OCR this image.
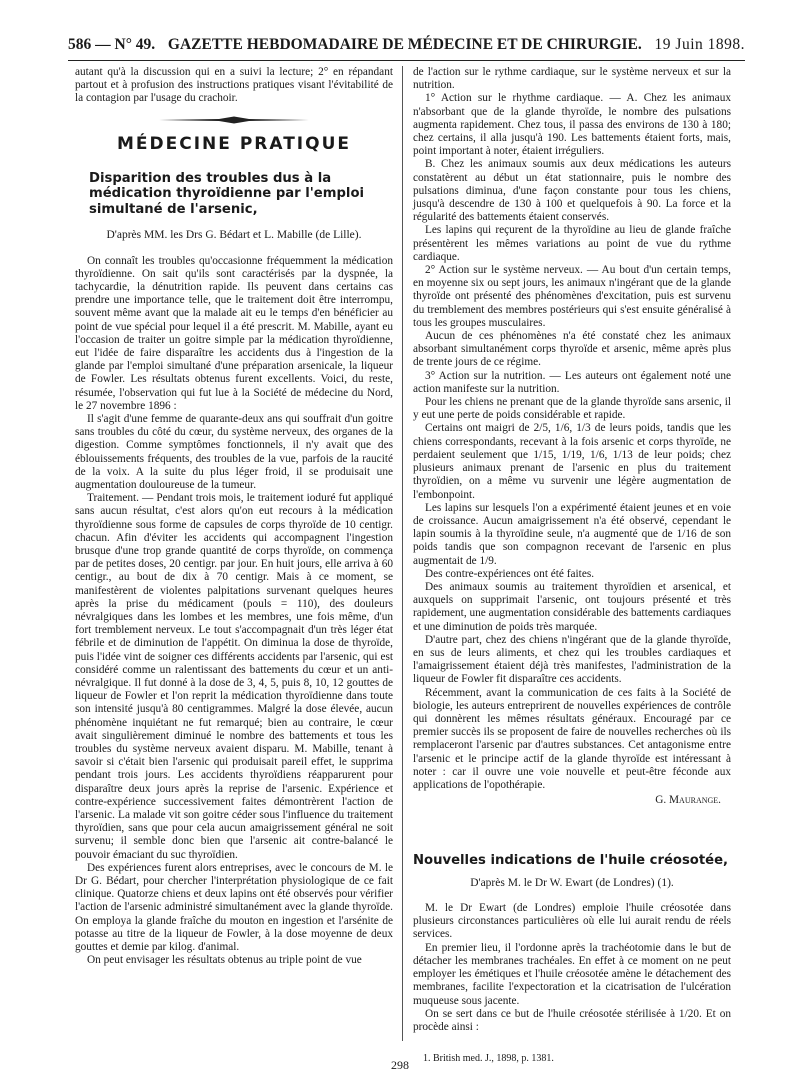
586 — N° 49. GAZETTE HEBDOMADAIRE DE MÉDECINE ET DE CHIRURGIE. 19 Juin 1898.

autant qu'à la discussion qui en a suivi la lecture; 2° en répandant partout et à profusion des instructions pratiques visant l'évitabilité de la contagion par l'usage du crachoir.

MÉDECINE PRATIQUE
Disparition des troubles dus à la médication thyroïdienne par l'emploi simultané de l'arsenic,
D'après MM. les Drs G. Bédart et L. Mabille (de Lille).

On connaît les troubles qu'occasionne fréquemment la médication thyroïdienne. On sait qu'ils sont caractérisés par la dyspnée, la tachycardie, la dénutrition rapide. Ils peuvent dans certains cas prendre une importance telle, que le traitement doit être interrompu, souvent même avant que la malade ait eu le temps d'en bénéficier au point de vue spécial pour lequel il a été prescrit. M. Mabille, ayant eu l'occasion de traiter un goitre simple par la médication thyroïdienne, eut l'idée de faire disparaître les accidents dus à l'ingestion de la glande par l'emploi simultané d'une préparation arsenicale, la liqueur de Fowler. Les résultats obtenus furent excellents. Voici, du reste, résumée, l'observation qui fut lue à la Société de médecine du Nord, le 27 novembre 1896 :

Il s'agit d'une femme de quarante-deux ans qui souffrait d'un goitre sans troubles du côté du cœur, du système nerveux, des organes de la digestion. Comme symptômes fonctionnels, il n'y avait que des éblouissements fréquents, des troubles de la vue, parfois de la raucité de la voix. A la suite du plus léger froid, il se produisait une augmentation douloureuse de la tumeur.

Traitement. — Pendant trois mois, le traitement ioduré fut appliqué sans aucun résultat, c'est alors qu'on eut recours à la médication thyroïdienne sous forme de capsules de corps thyroïde de 10 centigr. chacun. Afin d'éviter les accidents qui accompagnent l'ingestion brusque d'une trop grande quantité de corps thyroïde, on commença par de petites doses, 20 centigr. par jour. En huit jours, elle arriva à 60 centigr., au bout de dix à 70 centigr. Mais à ce moment, se manifestèrent de violentes palpitations survenant quelques heures après la prise du médicament (pouls = 110), des douleurs névralgiques dans les lombes et les membres, une fois même, d'un fort tremblement nerveux. Le tout s'accompagnait d'un très léger état fébrile et de diminution de l'appétit. On diminua la dose de thyroïde, puis l'idée vint de soigner ces différents accidents par l'arsenic, qui est considéré comme un ralentissant des battements du cœur et un anti-névralgique. Il fut donné à la dose de 3, 4, 5, puis 8, 10, 12 gouttes de liqueur de Fowler et l'on reprit la médication thyroïdienne dans toute son intensité jusqu'à 80 centigrammes. Malgré la dose élevée, aucun phénomène inquiétant ne fut remarqué; bien au contraire, le cœur avait singulièrement diminué le nombre des battements et tous les troubles du système nerveux avaient disparu. M. Mabille, tenant à savoir si c'était bien l'arsenic qui produisait pareil effet, le supprima pendant trois jours. Les accidents thyroïdiens réapparurent pour disparaître deux jours après la reprise de l'arsenic. Expérience et contre-expérience successivement faites démontrèrent l'action de l'arsenic. La malade vit son goitre céder sous l'influence du traitement thyroïdien, sans que pour cela aucun amaigrissement général ne soit survenu; il semble donc bien que l'arsenic ait contre-balancé le pouvoir émaciant du suc thyroïdien.

Des expériences furent alors entreprises, avec le concours de M. le Dr G. Bédart, pour chercher l'interprétation physiologique de ce fait clinique. Quatorze chiens et deux lapins ont été observés pour vérifier l'action de l'arsenic administré simultanément avec la glande thyroïde. On employa la glande fraîche du mouton en ingestion et l'arsénite de potasse au titre de la liqueur de Fowler, à la dose moyenne de deux gouttes et demie par kilog. d'animal.

On peut envisager les résultats obtenus au triple point de vue

de l'action sur le rythme cardiaque, sur le système nerveux et sur la nutrition.

1° Action sur le rhythme cardiaque. — A. Chez les animaux n'absorbant que de la glande thyroïde, le nombre des pulsations augmenta rapidement. Chez tous, il passa des environs de 130 à 180; chez certains, il alla jusqu'à 190. Les battements étaient forts, mais, point important à noter, étaient irréguliers.

B. Chez les animaux soumis aux deux médications les auteurs constatèrent au début un état stationnaire, puis le nombre des pulsations diminua, d'une façon constante pour tous les chiens, jusqu'à descendre de 130 à 100 et quelquefois à 90. La force et la régularité des battements étaient conservés.

Les lapins qui reçurent de la thyroïdine au lieu de glande fraîche présentèrent les mêmes variations au point de vue du rythme cardiaque.

2° Action sur le système nerveux. — Au bout d'un certain temps, en moyenne six ou sept jours, les animaux n'ingérant que de la glande thyroïde ont présenté des phénomènes d'excitation, puis est survenu du tremblement des membres postérieurs qui s'est ensuite généralisé à tous les groupes musculaires.

Aucun de ces phénomènes n'a été constaté chez les animaux absorbant simultanément corps thyroïde et arsenic, même après plus de trente jours de ce régime.

3° Action sur la nutrition. — Les auteurs ont également noté une action manifeste sur la nutrition.

Pour les chiens ne prenant que de la glande thyroïde sans arsenic, il y eut une perte de poids considérable et rapide.

Certains ont maigri de 2/5, 1/6, 1/3 de leurs poids, tandis que les chiens correspondants, recevant à la fois arsenic et corps thyroïde, ne perdaient seulement que 1/15, 1/19, 1/6, 1/13 de leur poids; chez plusieurs animaux prenant de l'arsenic en plus du traitement thyroïdien, on a même vu survenir une légère augmentation de l'embonpoint.

Les lapins sur lesquels l'on a expérimenté étaient jeunes et en voie de croissance. Aucun amaigrissement n'a été observé, cependant le lapin soumis à la thyroïdine seule, n'a augmenté que de 1/16 de son poids tandis que son compagnon recevant de l'arsenic en plus augmentait de 1/9.

Des contre-expériences ont été faites.

Des animaux soumis au traitement thyroïdien et arsenical, et auxquels on supprimait l'arsenic, ont toujours présenté et très rapidement, une augmentation considérable des battements cardiaques et une diminution de poids très marquée.

D'autre part, chez des chiens n'ingérant que de la glande thyroïde, en sus de leurs aliments, et chez qui les troubles cardiaques et l'amaigrissement étaient déjà très manifestes, l'administration de la liqueur de Fowler fit disparaître ces accidents.

Récemment, avant la communication de ces faits à la Société de biologie, les auteurs entreprirent de nouvelles expériences de contrôle qui donnèrent les mêmes résultats généraux. Encouragé par ce premier succès ils se proposent de faire de nouvelles recherches où ils remplaceront l'arsenic par d'autres substances. Cet antagonisme entre l'arsenic et le principe actif de la glande thyroïde est intéressant à noter : car il ouvre une voie nouvelle et peut-être féconde aux applications de l'opothérapie.

G. Maurange.
Nouvelles indications de l'huile créosotée,
D'après M. le Dr W. Ewart (de Londres) (1).

M. le Dr Ewart (de Londres) emploie l'huile créosotée dans plusieurs circonstances particulières où elle lui aurait rendu de réels services.

En premier lieu, il l'ordonne après la trachéotomie dans le but de détacher les membranes trachéales. En effet à ce moment on ne peut employer les émétiques et l'huile créosotée amène le détachement des membranes, facilite l'expectoration et la cicatrisation de l'ulcération muqueuse sous jacente.

On se sert dans ce but de l'huile créosotée stérilisée à 1/20. Et on procède ainsi :

1. British med. J., 1898, p. 1381.
298
